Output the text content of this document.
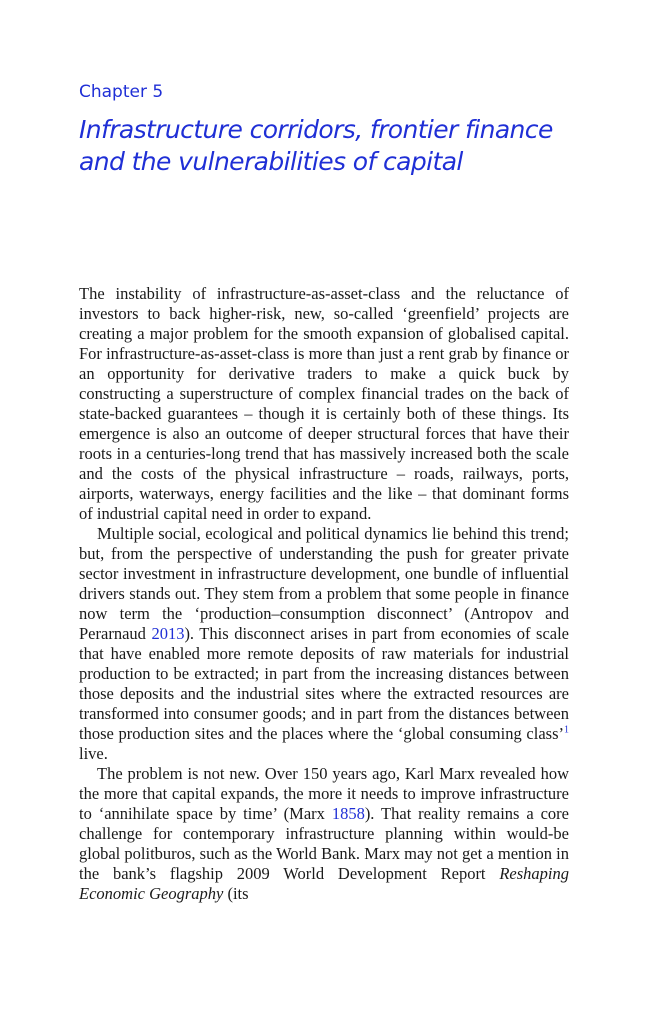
Chapter 5
Infrastructure corridors, frontier finance
and the vulnerabilities of capital

The instability of infrastructure-as-asset-class and the reluctance of investors to back higher-risk, new, so-called ‘greenfield’ projects are creating a major problem for the smooth expansion of globalised capital. For infrastructure-as-asset-class is more than just a rent grab by finance or an opportunity for derivative traders to make a quick buck by constructing a superstructure of complex financial trades on the back of state-backed guarantees – though it is certainly both of these things. Its emergence is also an outcome of deeper structural forces that have their roots in a centuries-long trend that has massively increased both the scale and the costs of the physical infrastructure – roads, railways, ports, airports, waterways, energy facilities and the like – that dominant forms of industrial capital need in order to expand.

Multiple social, ecological and political dynamics lie behind this trend; but, from the perspective of understanding the push for greater private sector investment in infrastructure development, one bundle of influential drivers stands out. They stem from a problem that some people in finance now term the ‘production–consumption disconnect’ (Antropov and Perarnaud 2013). This disconnect arises in part from economies of scale that have enabled more remote deposits of raw materials for industrial production to be extracted; in part from the increasing distances between those deposits and the industrial sites where the extracted resources are transformed into consumer goods; and in part from the distances between those production sites and the places where the ‘global consuming class’$^1$ live.

The problem is not new. Over 150 years ago, Karl Marx revealed how the more that capital expands, the more it needs to improve infrastructure to ‘annihilate space by time’ (Marx 1858). That reality remains a core challenge for contemporary infrastructure planning within would-be global politburos, such as the World Bank. Marx may not get a mention in the bank’s flagship 2009 World Development Report Reshaping Economic Geography (its
